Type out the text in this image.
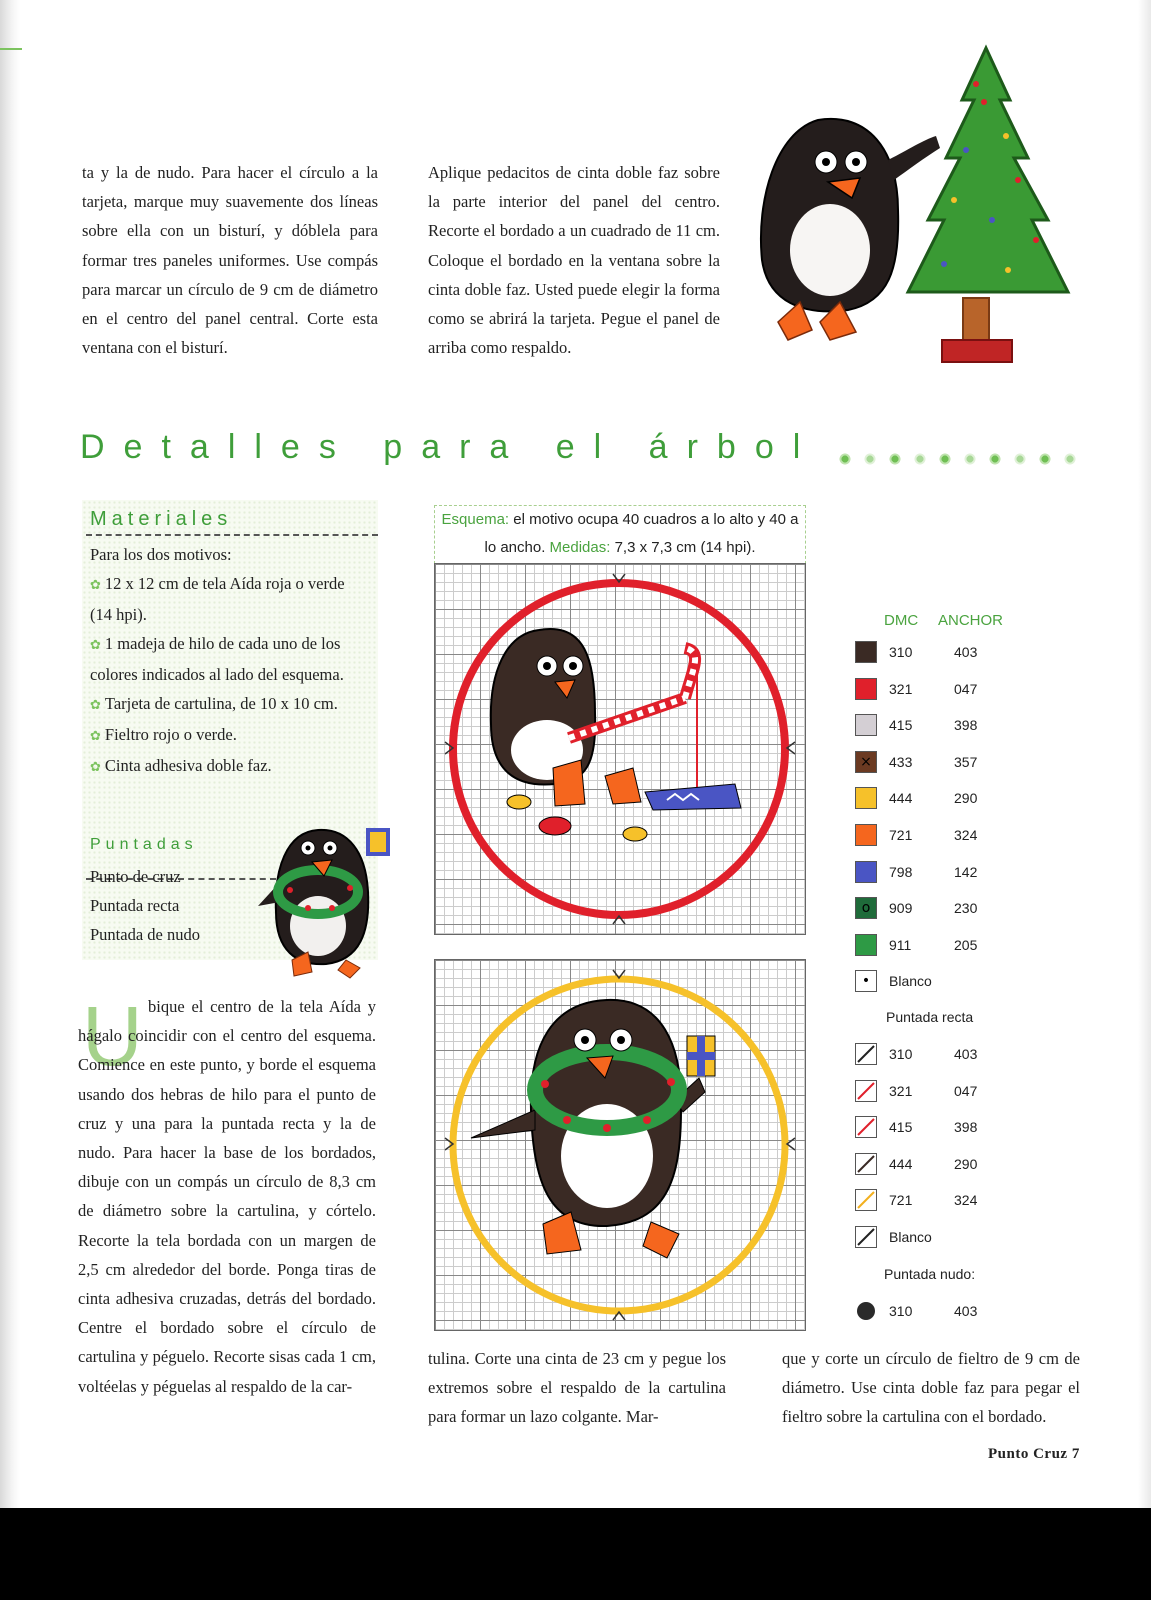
ta y la de nudo. Para hacer el círculo a la tarjeta, marque muy suavemente dos líneas sobre ella con un bisturí, y dóblela para formar tres paneles uniformes. Use compás para marcar un círculo de 9 cm de diámetro en el centro del panel central. Corte esta ventana con el bisturí.

Aplique pedacitos de cinta doble faz sobre la parte interior del panel del centro. Recorte el bordado a un cuadrado de 11 cm. Coloque el bordado en la ventana sobre la cinta doble faz. Usted puede elegir la forma como se abrirá la tarjeta. Pegue el panel de arriba como respaldo.

Detalles para el árbol
Materiales
Para los dos motivos:
✿ 12 x 12 cm de tela Aída roja o verde (14 hpi).
✿ 1 madeja de hilo de cada uno de los colores indicados al lado del esquema.
✿ Tarjeta de cartulina, de 10 x 10 cm.
✿ Fieltro rojo o verde.
✿ Cinta adhesiva doble faz.
Puntadas
Punto de cruz
Puntada recta
Puntada de nudo
U bique el centro de la tela Aída y hágalo coincidir con el centro del esquema. Comience en este punto, y borde el esquema usando dos hebras de hilo para el punto de cruz y una para la puntada recta y la de nudo. Para hacer la base de los bordados, dibuje con un compás un círculo de 8,3 cm de diámetro sobre la cartulina, y córtelo. Recorte la tela bordada con un margen de 2,5 cm alrededor del borde. Ponga tiras de cinta adhesiva cruzadas, detrás del bordado. Centre el bordado sobre el círculo de cartulina y péguelo. Recorte sisas cada 1 cm, voltéelas y péguelas al respaldo de la car-

tulina. Corte una cinta de 23 cm y pegue los extremos sobre el respaldo de la cartulina para formar un lazo colgante. Mar-

que y corte un círculo de fieltro de 9 cm de diámetro. Use cinta doble faz para pegar el fieltro sobre la cartulina con el bordado.

Esquema: el motivo ocupa 40 cuadros a lo alto y 40 a lo ancho. Medidas: 7,3 x 7,3 cm (14 hpi).
DMC ANCHOR
310	403
321	047
415	398
×	433	357
444	290
721	324
798	142
o	909	230
911	205
•	Blanco
Puntada recta
310	403
321	047
415	398
444	290
721	324
Blanco
Puntada nudo:
310	403
Punto Cruz 7
